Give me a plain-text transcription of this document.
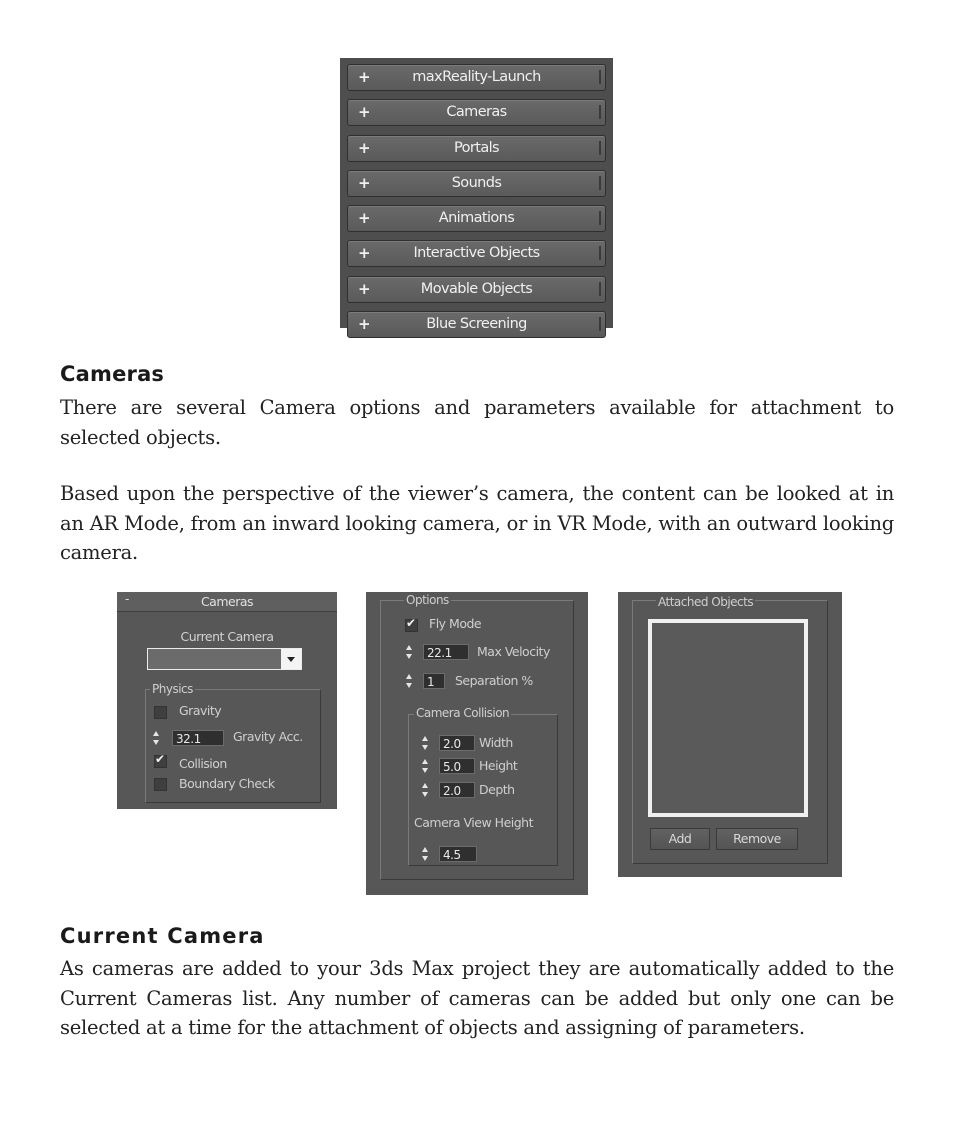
+	maxReality-Launch
+	Cameras
+	Portals
+	Sounds
+	Animations
+	Interactive Objects
+	Movable Objects
+	Blue Screening
Cameras

There are several Camera options and parameters available for attachment to selected objects.

Based upon the perspective of the viewer’s camera, the content can be looked at in an AR Mode, from an inward looking camera, or in VR Mode, with an outward looking camera.

-	Cameras
Current Camera
Physics
Gravity
32.1	Gravity Acc.
✔
Collision
Boundary Check
Options
✔
Fly Mode
22.1	Max Velocity
1	Separation %
Camera Collision
2.0	Width
5.0	Height
2.0	Depth
Camera View Height
4.5
Attached Objects
Add	Remove
Current Camera

As cameras are added to your 3ds Max project they are automatically added to the Current Cameras list. Any number of cameras can be added but only one can be selected at a time for the attachment of objects and assigning of parameters.
